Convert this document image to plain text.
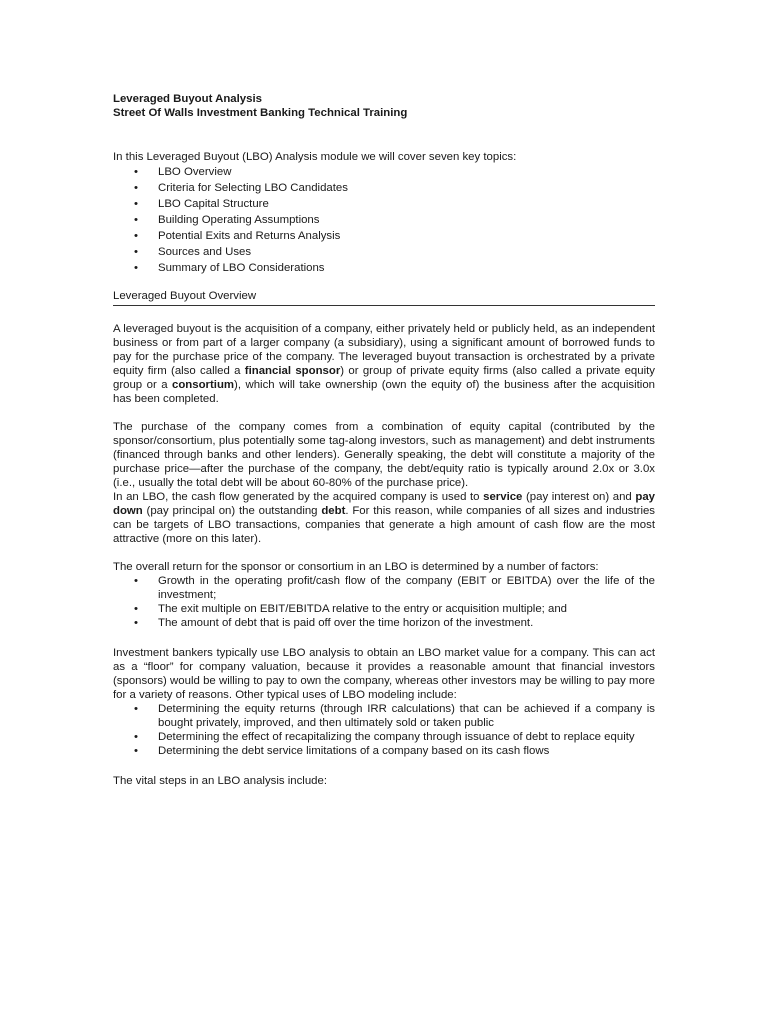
Leveraged Buyout Analysis

Street Of Walls Investment Banking Technical Training

In this Leveraged Buyout (LBO) Analysis module we will cover seven key topics:

• LBO Overview
• Criteria for Selecting LBO Candidates
• LBO Capital Structure
• Building Operating Assumptions
• Potential Exits and Returns Analysis
• Sources and Uses
• Summary of LBO Considerations

Leveraged Buyout Overview

A leveraged buyout is the acquisition of a company, either privately held or publicly held, as an independent business or from part of a larger company (a subsidiary), using a significant amount of borrowed funds to pay for the purchase price of the company. The leveraged buyout transaction is orchestrated by a private equity firm (also called a financial sponsor) or group of private equity firms (also called a private equity group or a consortium), which will take ownership (own the equity of) the business after the acquisition has been completed.

The purchase of the company comes from a combination of equity capital (contributed by the sponsor/consortium, plus potentially some tag-along investors, such as management) and debt instruments (financed through banks and other lenders). Generally speaking, the debt will constitute a majority of the purchase price—after the purchase of the company, the debt/equity ratio is typically around 2.0x or 3.0x (i.e., usually the total debt will be about 60-80% of the purchase price).

In an LBO, the cash flow generated by the acquired company is used to service (pay interest on) and pay down (pay principal on) the outstanding debt. For this reason, while companies of all sizes and industries can be targets of LBO transactions, companies that generate a high amount of cash flow are the most attractive (more on this later).

The overall return for the sponsor or consortium in an LBO is determined by a number of factors:

• Growth in the operating profit/cash flow of the company (EBIT or EBITDA) over the life of the investment;
• The exit multiple on EBIT/EBITDA relative to the entry or acquisition multiple; and
• The amount of debt that is paid off over the time horizon of the investment.

Investment bankers typically use LBO analysis to obtain an LBO market value for a company. This can act as a “floor” for company valuation, because it provides a reasonable amount that financial investors (sponsors) would be willing to pay to own the company, whereas other investors may be willing to pay more for a variety of reasons. Other typical uses of LBO modeling include:

• Determining the equity returns (through IRR calculations) that can be achieved if a company is bought privately, improved, and then ultimately sold or taken public
• Determining the effect of recapitalizing the company through issuance of debt to replace equity
• Determining the debt service limitations of a company based on its cash flows

The vital steps in an LBO analysis include:
